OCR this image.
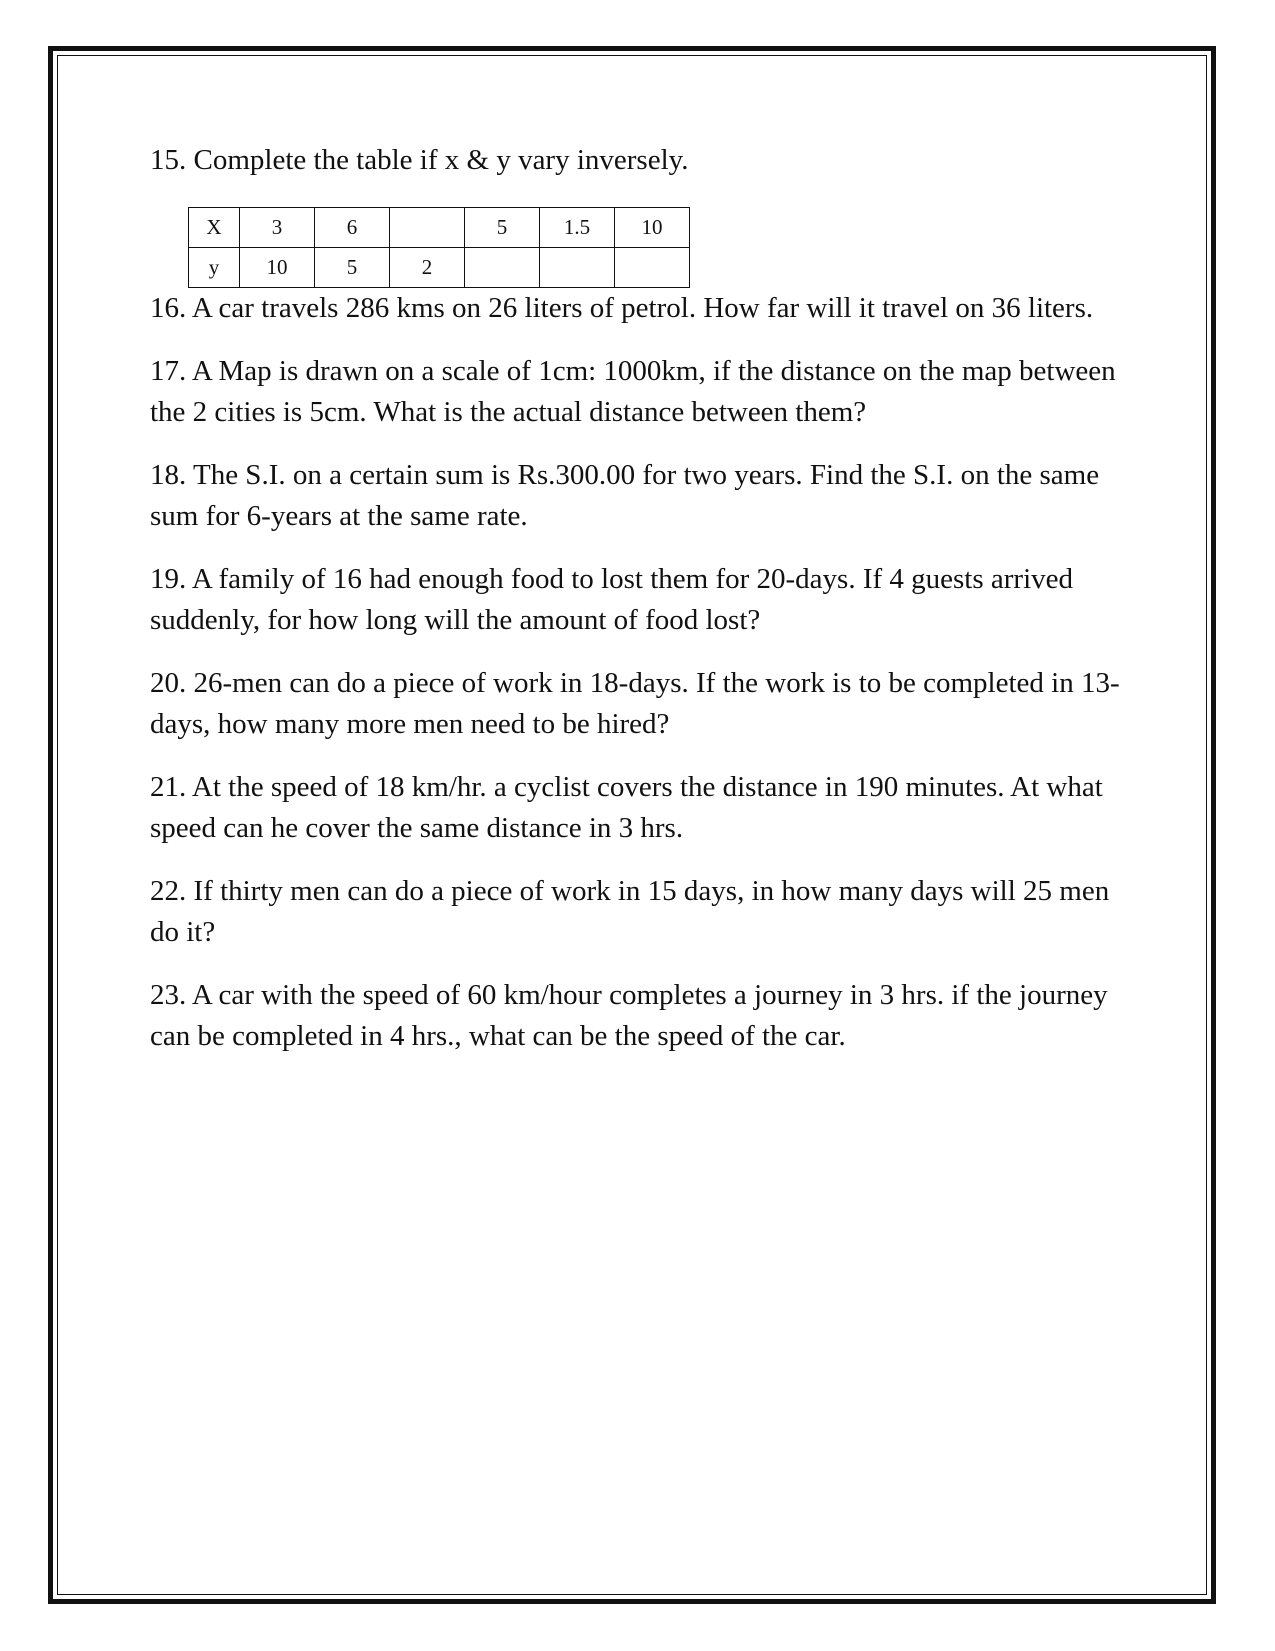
15. Complete the table if x & y vary inversely.

X	3	6		5	1.5	10
y	10	5	2			

16. A car travels 286 kms on 26 liters of petrol. How far will it travel on 36 liters.

17. A Map is drawn on a scale of 1cm: 1000km, if the distance on the map between the 2 cities is 5cm. What is the actual distance between them?

18. The S.I. on a certain sum is Rs.300.00 for two years. Find the S.I. on the same sum for 6-years at the same rate.

19. A family of 16 had enough food to lost them for 20-days. If 4 guests arrived suddenly, for how long will the amount of food lost?

20. 26-men can do a piece of work in 18-days. If the work is to be completed in 13-days, how many more men need to be hired?

21. At the speed of 18 km/hr. a cyclist covers the distance in 190 minutes. At what speed can he cover the same distance in 3 hrs.

22. If thirty men can do a piece of work in 15 days, in how many days will 25 men do it?

23. A car with the speed of 60 km/hour completes a journey in 3 hrs. if the journey can be completed in 4 hrs., what can be the speed of the car.
